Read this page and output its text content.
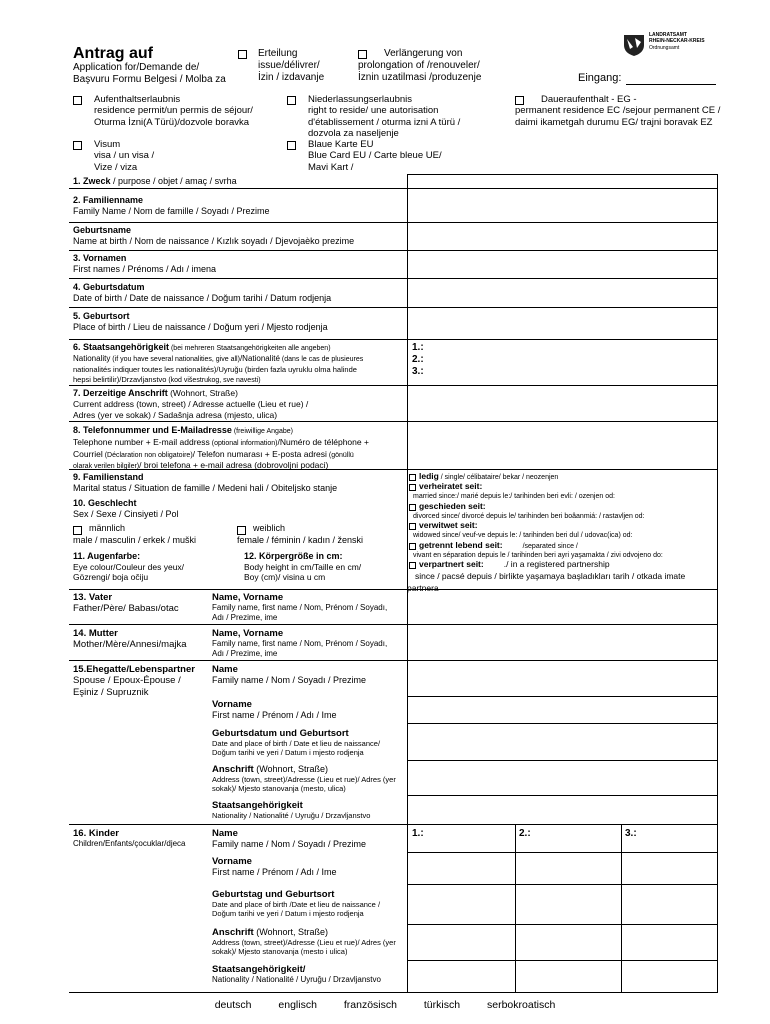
Antrag auf
Application for/Demande de/
Başvuru Formu Belgesi / Molba za
Erteilung
issue/délivrer/
İzin / izdavanje
Verlängerung von
prolongation of /renouveler/
İznin uzatilmasi /produzenje
LANDRATSAMT
RHEIN-NECKAR-KREIS
Ordnungsamt
Eingang:
Aufenthaltserlaubnis
residence permit/un permis de séjour/
Oturma İzni(A Türü)/dozvole boravka
Niederlassungserlaubnis
right to reside/ une autorisation
d'établissement / oturma izni A türü /
dozvola za naseljenje
Daueraufenthalt - EG -
permanent residence EC /sejour permanent CE /
daimi ikametgah durumu EG/ trajni boravak EZ
Visum
visa / un visa /
Vize / viza
Blaue Karte EU
Blue Card EU / Carte bleue UE/
Mavi Kart /
1. Zweck / purpose / objet / amaç / svrha
2. Familienname
Family Name / Nom de famille / Soyadı / Prezime
Geburtsname
Name at birth / Nom de naissance / Kızlık soyadı / Djevojaèko prezime
3. Vornamen
First names / Prénoms / Adı / imena
4. Geburtsdatum
Date of birth / Date de naissance / Doğum tarihi / Datum rodjenja
5. Geburtsort
Place of birth / Lieu de naissance / Doğum yeri / Mjesto rodjenja
6. Staatsangehörigkeit (bei mehreren Staatsangehörigkeiten alle angeben)
Nationality (if you have several nationalities, give all)/Nationalité (dans le cas de plusieures
nationalités indiquer toutes les nationalités)/Uyruğu (birden fazla uyruklu olma halinde
hepsi belirtilir)/Drzavljanstvo (kod višestrukog, sve navesti)
1.:
2.:
3.:
7. Derzeitige Anschrift (Wohnort, Straße)
Current address (town, street) / Adresse actuelle (Lieu et rue) /
Adres (yer ve sokak) / Sadašnja adresa (mjesto, ulica)
8. Telefonnummer und E-Mailadresse (freiwillige Angabe)
Telephone number + E-mail address (optional information)/Numéro de téléphone +
Courriel (Déclaration non obligatoire)/ Telefon numarası + E-posta adresi (gönüllü
olarak verilen bilgiler)/ broi telefona + e-mail adresa (dobrovoljni podaci)
9. Familienstand
Marital status / Situation de famille / Medeni hali / Obiteljsko stanje
10. Geschlecht
Sex / Sexe / Cinsiyeti / Pol
männlich
male / masculin / erkek / muški
weiblich
female / féminin / kadın / ženski
11. Augenfarbe:
Eye colour/Couleur des yeux/
Gözrengi/ boja očiju
12. Körpergröße in cm:
Body height in cm/Taille en cm/
Boy (cm)/ visina u cm
ledig / single/ célibataire/ bekar / neozenjen
verheiratet seit:
married since:/ marié depuis le:/ tarihinden beri evli: / ozenjen od:
geschieden seit:
divorced since/ divorcé depuis le/ tarihinden beri boâanmiá: / rastavljen od:
verwitwet seit:
widowed since/ veuf-ve depuis le: / tarihinden beri dul / udovac(ica) od:
getrennt lebend seit:	/separated since /
vivant en séparation depuis le / tarihinden beri ayri yaşamakta / zivi odvojeno do:
verpartnert seit: ./ in a registered partnership
since / pacsé depuis / birlikte yaşamaya başladıkları tarih / otkada imate
partnera
13. Vater
Father/Père/ Babası/otac
Name, Vorname
Family name, first name / Nom, Prénom / Soyadı,
Adı / Prezime, ime
14. Mutter
Mother/Mère/Annesi/majka
Name, Vorname
Family name, first name / Nom, Prénom / Soyadı,
Adı / Prezime, ime
15.Ehegatte/Lebenspartner
Spouse / Epoux-Épouse /
Eşiniz / Supruznik
Name
Family name / Nom / Soyadı / Prezime
Vorname
First name / Prénom / Adı / Ime
Geburtsdatum und Geburtsort
Date and place of birth / Date et lieu de naissance/
Doğum tarihi ve yeri / Datum i mjesto rodjenja
Anschrift (Wohnort, Straße)
Address (town, street)/Adresse (Lieu et rue)/ Adres (yer
sokak)/ Mjesto stanovanja (mesto, ulica)
Staatsangehörigkeit
Nationality / Nationalité / Uyruğu / Drzavljanstvo
16. Kinder
Children/Enfants/çocuklar/djeca
Name
Family name / Nom / Soyadı / Prezime
1.:	2.:	3.:
Vorname
First name / Prénom / Adı / Ime
Geburtstag und Geburtsort
Date and place of birth /Date et lieu de naissance /
Doğum tarihi ve yeri / Datum i mjesto rodjenja
Anschrift (Wohnort, Straße)
Address (town, street)/Adresse (Lieu et rue)/ Adres (yer
sokak)/ Mjesto stanovanja (mesto i ulica)
Staatsangehörigkeit/
Nationality / Nationalité / Uyruğu / Drzavljanstvo
deutsch	englisch	französisch	türkisch	serbokroatisch
